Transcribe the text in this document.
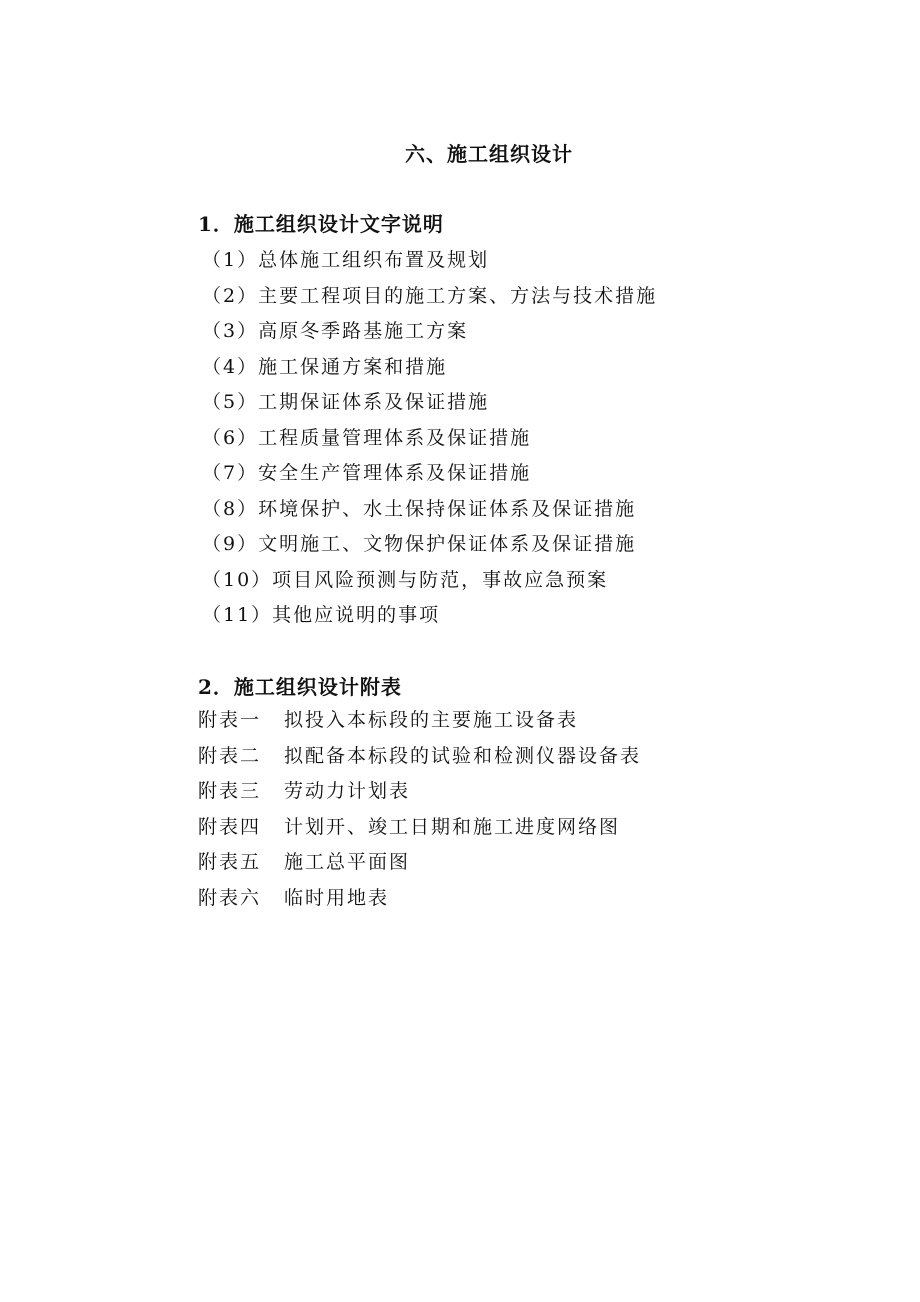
六、施工组织设计
1．施工组织设计文字说明
（1）总体施工组织布置及规划
（2）主要工程项目的施工方案、方法与技术措施
（3）高原冬季路基施工方案
（4）施工保通方案和措施
（5）工期保证体系及保证措施
（6）工程质量管理体系及保证措施
（7）安全生产管理体系及保证措施
（8）环境保护、水土保持保证体系及保证措施
（9）文明施工、文物保护保证体系及保证措施
（10）项目风险预测与防范，事故应急预案
（11）其他应说明的事项
2．施工组织设计附表
附表一 拟投入本标段的主要施工设备表
附表二 拟配备本标段的试验和检测仪器设备表
附表三 劳动力计划表
附表四 计划开、竣工日期和施工进度网络图
附表五 施工总平面图
附表六 临时用地表
